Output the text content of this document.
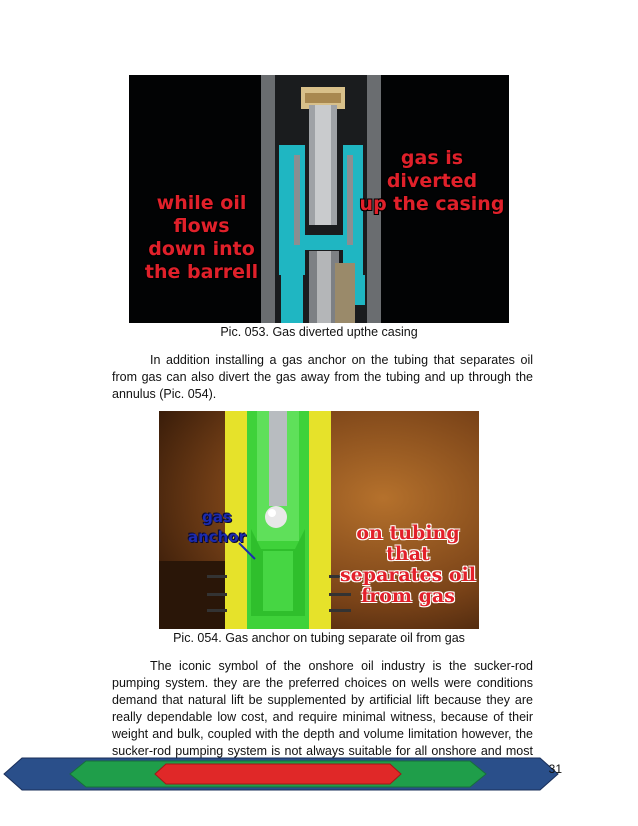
gas is diverted
up the casing
while oil flows
down into
the barrell
Pic. 053. Gas diverted upthe casing

In addition installing a gas anchor on the tubing that separates oil from gas can also divert the gas away from the tubing and up through the annulus (Pic. 054).

gas
anchor	on tubing
that
separates oil
from gas
Pic. 054. Gas anchor on tubing separate oil from gas

The iconic symbol of the onshore oil industry is the sucker-rod pumping system. they are the preferred choices on wells were conditions demand that natural lift be supplemented by artificial lift because they are really dependable low cost, and require minimal witness, because of their weight and bulk, coupled with the depth and volume limitation however, the sucker-rod pumping system is not always suitable for all onshore and most

31
